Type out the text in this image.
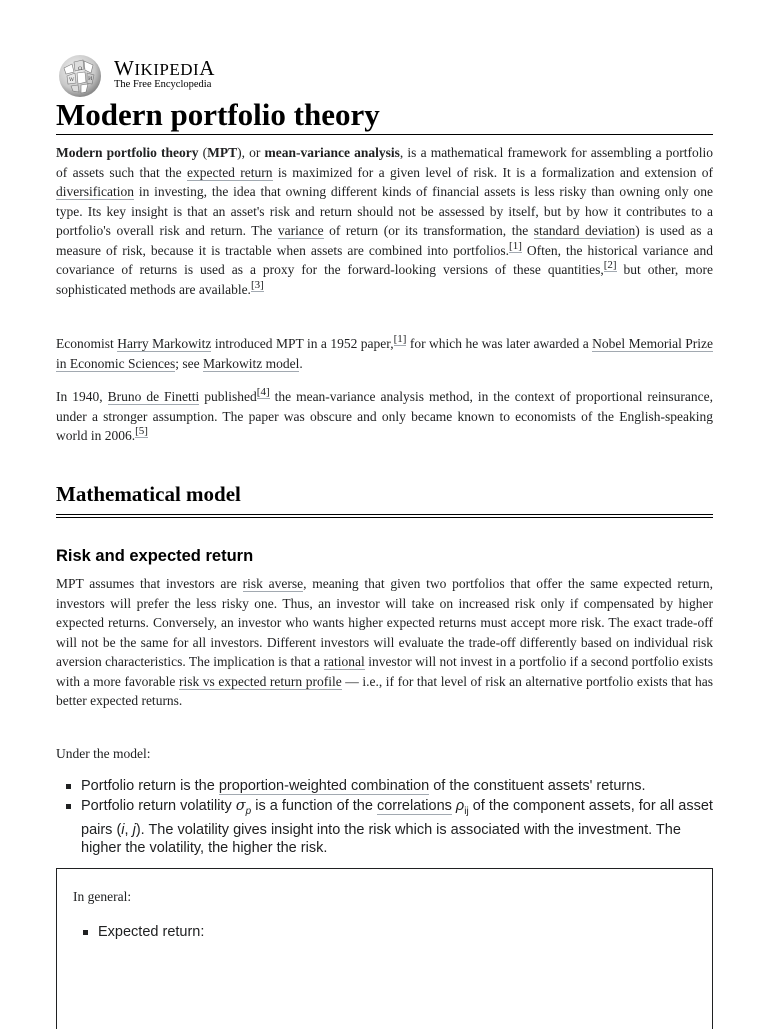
Ω
W	И WIKIPEDIA
The Free Encyclopedia
Modern portfolio theory

Modern portfolio theory (MPT), or mean-variance analysis, is a mathematical framework for assembling a portfolio of assets such that the expected return is maximized for a given level of risk. It is a formalization and extension of diversification in investing, the idea that owning different kinds of financial assets is less risky than owning only one type. Its key insight is that an asset's risk and return should not be assessed by itself, but by how it contributes to a portfolio's overall risk and return. The variance of return (or its transformation, the standard deviation) is used as a measure of risk, because it is tractable when assets are combined into portfolios.[1] Often, the historical variance and covariance of returns is used as a proxy for the forward-looking versions of these quantities,[2] but other, more sophisticated methods are available.[3]

Economist Harry Markowitz introduced MPT in a 1952 paper,[1] for which he was later awarded a Nobel Memorial Prize in Economic Sciences; see Markowitz model.

In 1940, Bruno de Finetti published[4] the mean-variance analysis method, in the context of proportional reinsurance, under a stronger assumption. The paper was obscure and only became known to economists of the English-speaking world in 2006.[5]

Mathematical model
Risk and expected return

MPT assumes that investors are risk averse, meaning that given two portfolios that offer the same expected return, investors will prefer the less risky one. Thus, an investor will take on increased risk only if compensated by higher expected returns. Conversely, an investor who wants higher expected returns must accept more risk. The exact trade-off will not be the same for all investors. Different investors will evaluate the trade-off differently based on individual risk aversion characteristics. The implication is that a rational investor will not invest in a portfolio if a second portfolio exists with a more favorable risk vs expected return profile — i.e., if for that level of risk an alternative portfolio exists that has better expected returns.

Under the model:

Portfolio return is the proportion-weighted combination of the constituent assets' returns.
Portfolio return volatility $\sigma_p$ is a function of the correlations $\rho_{ij}$ of the component assets, for all asset pairs (i, j). The volatility gives insight into the risk which is associated with the investment. The higher the volatility, the higher the risk.
In general:
Expected return:
